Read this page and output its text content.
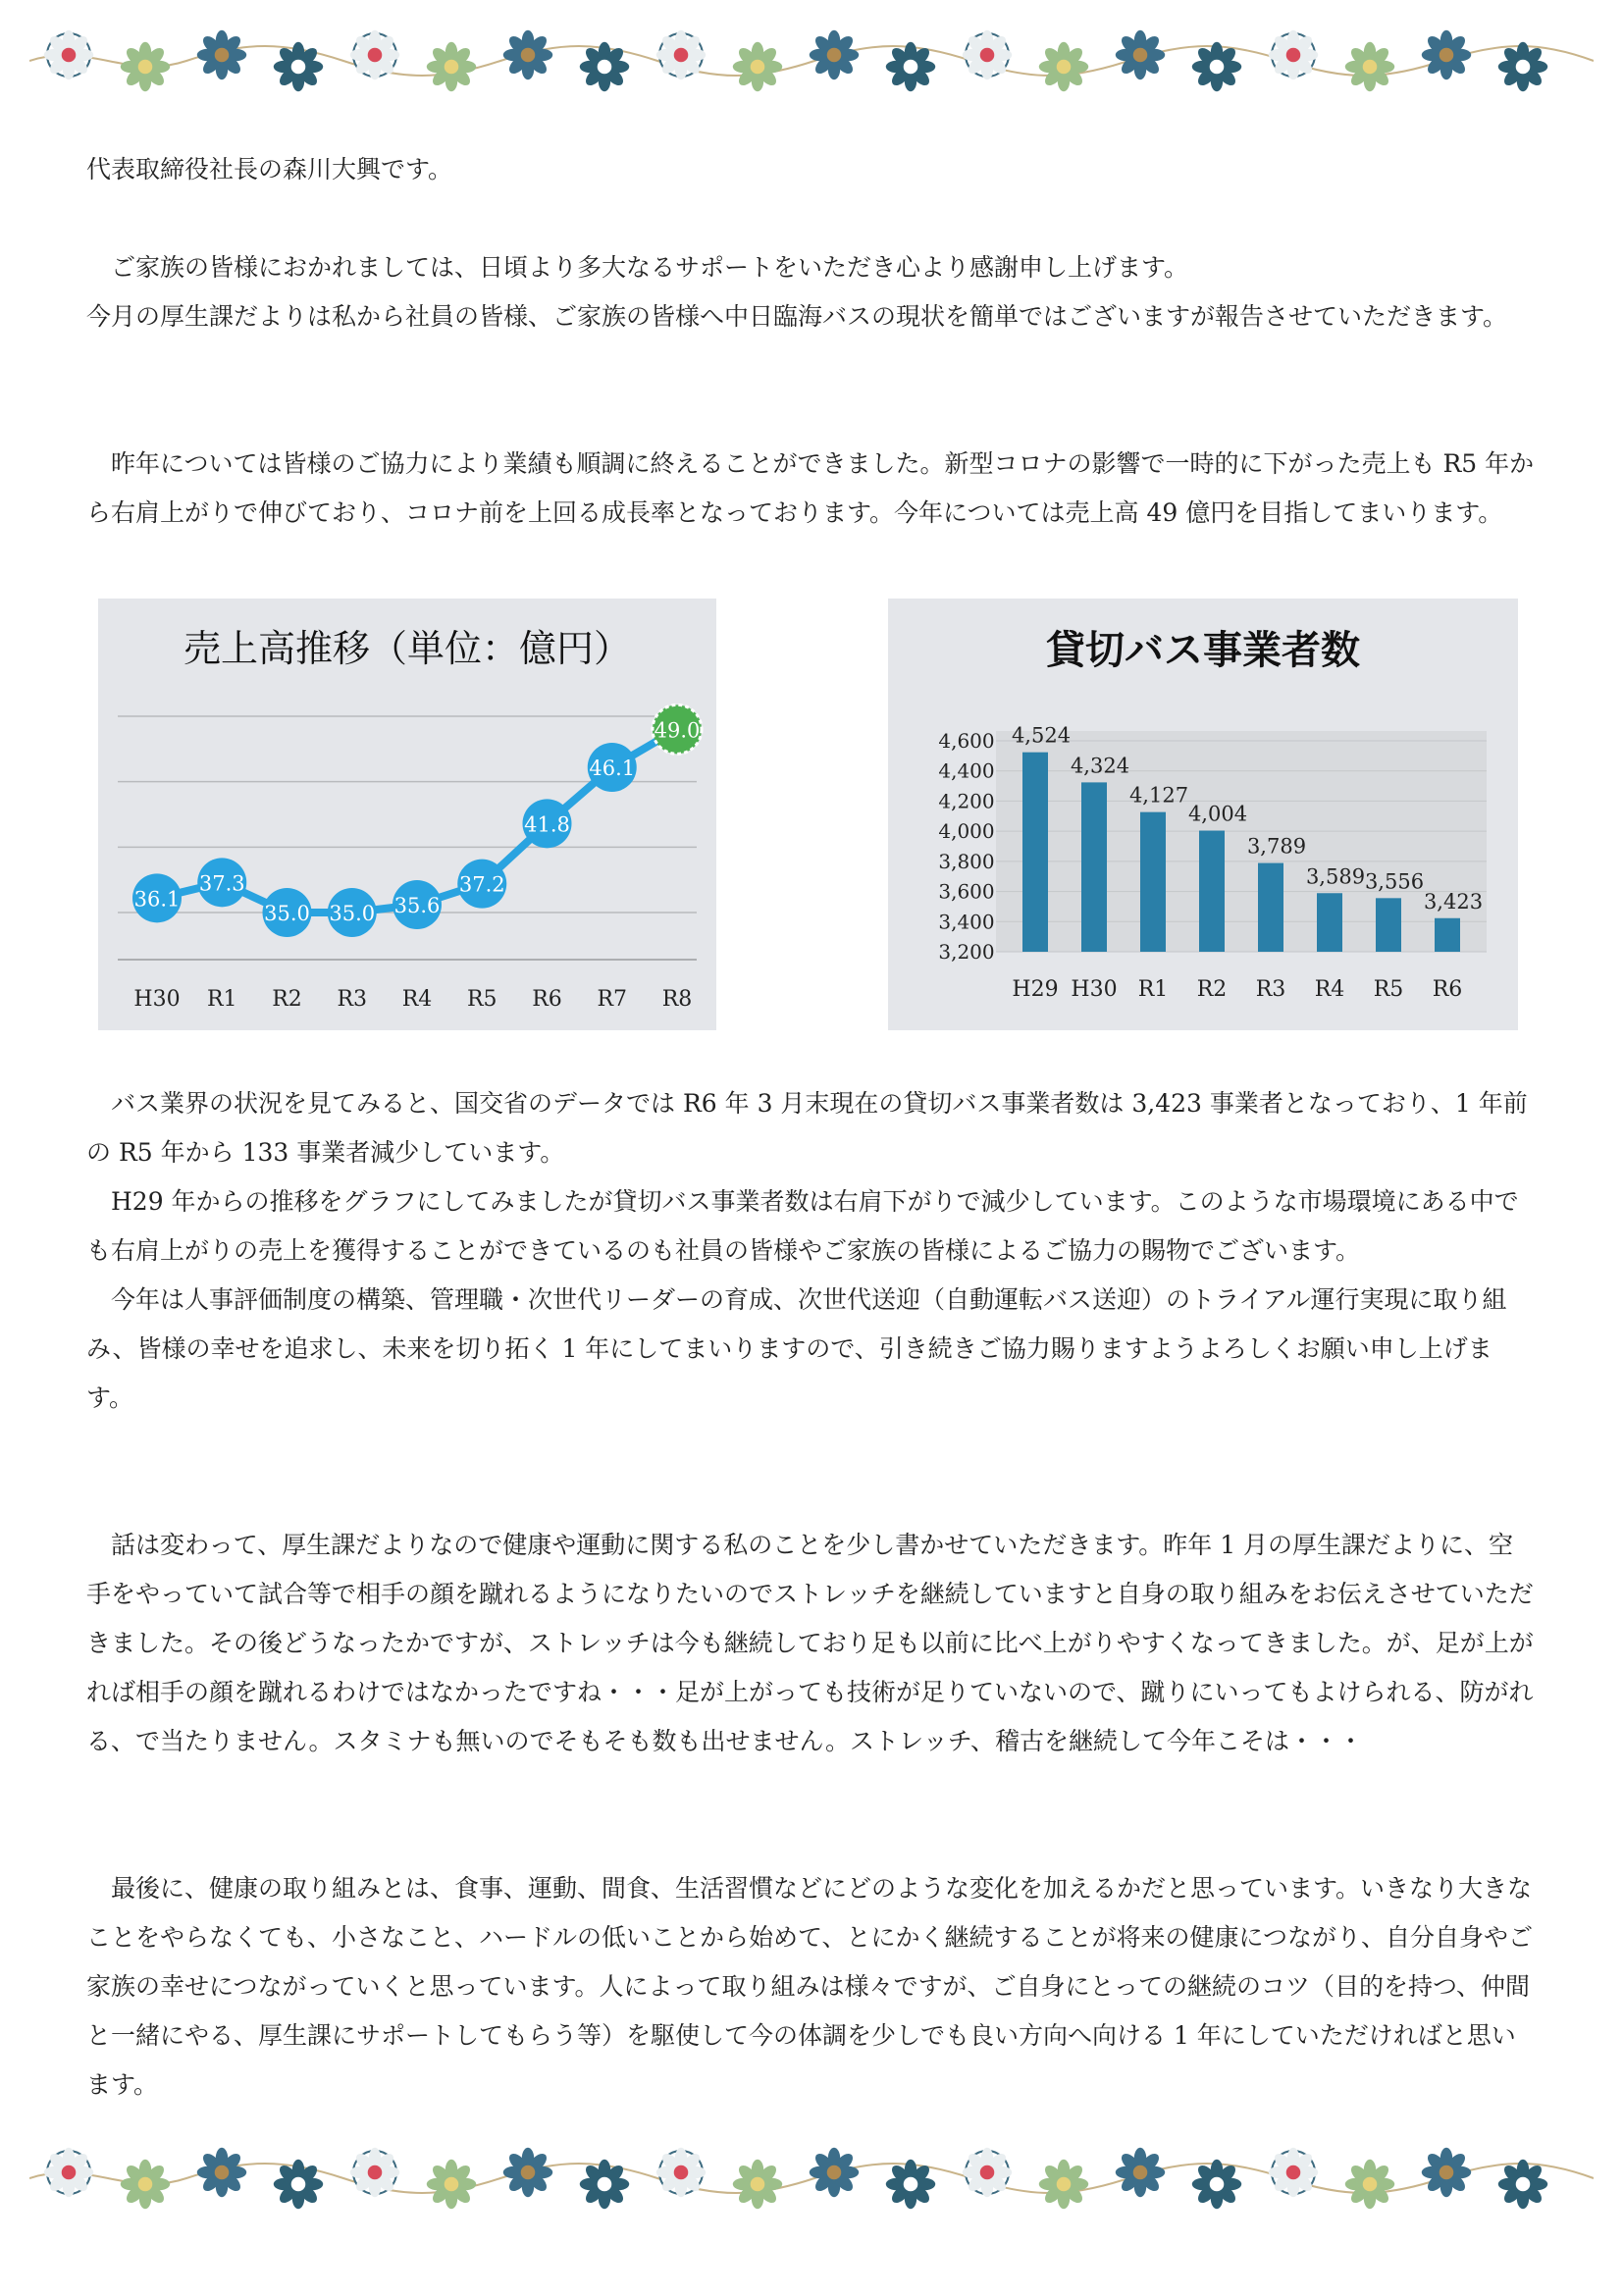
代表取締役社長の森川大興です。

　ご家族の皆様におかれましては、日頃より多大なるサポートをいただき心より感謝申し上げます。

今月の厚生課だよりは私から社員の皆様、ご家族の皆様へ中日臨海バスの現状を簡単ではございますが報告させていただきます。

　昨年については皆様のご協力により業績も順調に終えることができました。新型コロナの影響で一時的に下がった売上も R5 年から右肩上がりで伸びており、コロナ前を上回る成長率となっております。今年については売上高 49 億円を目指してまいります。

売上高推移（単位：億円）
36.1
H30
37.3
R1
35.0
R2
35.0
R3
35.6
R4
37.2
R5
41.8
R6
46.1
R7
49.0
R8
貸切バス事業者数
4,600
4,400
4,200
4,000
3,800
3,600
3,400
3,200
4,524
H29
4,324
H30
4,127
R1
4,004
R2
3,789
R3
3,589
R4
3,556
R5
3,423
R6

　バス業界の状況を見てみると、国交省のデータでは R6 年 3 月末現在の貸切バス事業者数は 3,423 事業者となっており、1 年前の R5 年から 133 事業者減少しています。

　H29 年からの推移をグラフにしてみましたが貸切バス事業者数は右肩下がりで減少しています。このような市場環境にある中でも右肩上がりの売上を獲得することができているのも社員の皆様やご家族の皆様によるご協力の賜物でございます。

　今年は人事評価制度の構築、管理職・次世代リーダーの育成、次世代送迎（自動運転バス送迎）のトライアル運行実現に取り組み、皆様の幸せを追求し、未来を切り拓く 1 年にしてまいりますので、引き続きご協力賜りますようよろしくお願い申し上げます。

　話は変わって、厚生課だよりなので健康や運動に関する私のことを少し書かせていただきます。昨年 1 月の厚生課だよりに、空手をやっていて試合等で相手の顔を蹴れるようになりたいのでストレッチを継続していますと自身の取り組みをお伝えさせていただきました。その後どうなったかですが、ストレッチは今も継続しており足も以前に比べ上がりやすくなってきました。が、足が上がれば相手の顔を蹴れるわけではなかったですね・・・足が上がっても技術が足りていないので、蹴りにいってもよけられる、防がれる、で当たりません。スタミナも無いのでそもそも数も出せません。ストレッチ、稽古を継続して今年こそは・・・

　最後に、健康の取り組みとは、食事、運動、間食、生活習慣などにどのような変化を加えるかだと思っています。いきなり大きなことをやらなくても、小さなこと、ハードルの低いことから始めて、とにかく継続することが将来の健康につながり、自分自身やご家族の幸せにつながっていくと思っています。人によって取り組みは様々ですが、ご自身にとっての継続のコツ（目的を持つ、仲間と一緒にやる、厚生課にサポートしてもらう等）を駆使して今の体調を少しでも良い方向へ向ける 1 年にしていただければと思います。
